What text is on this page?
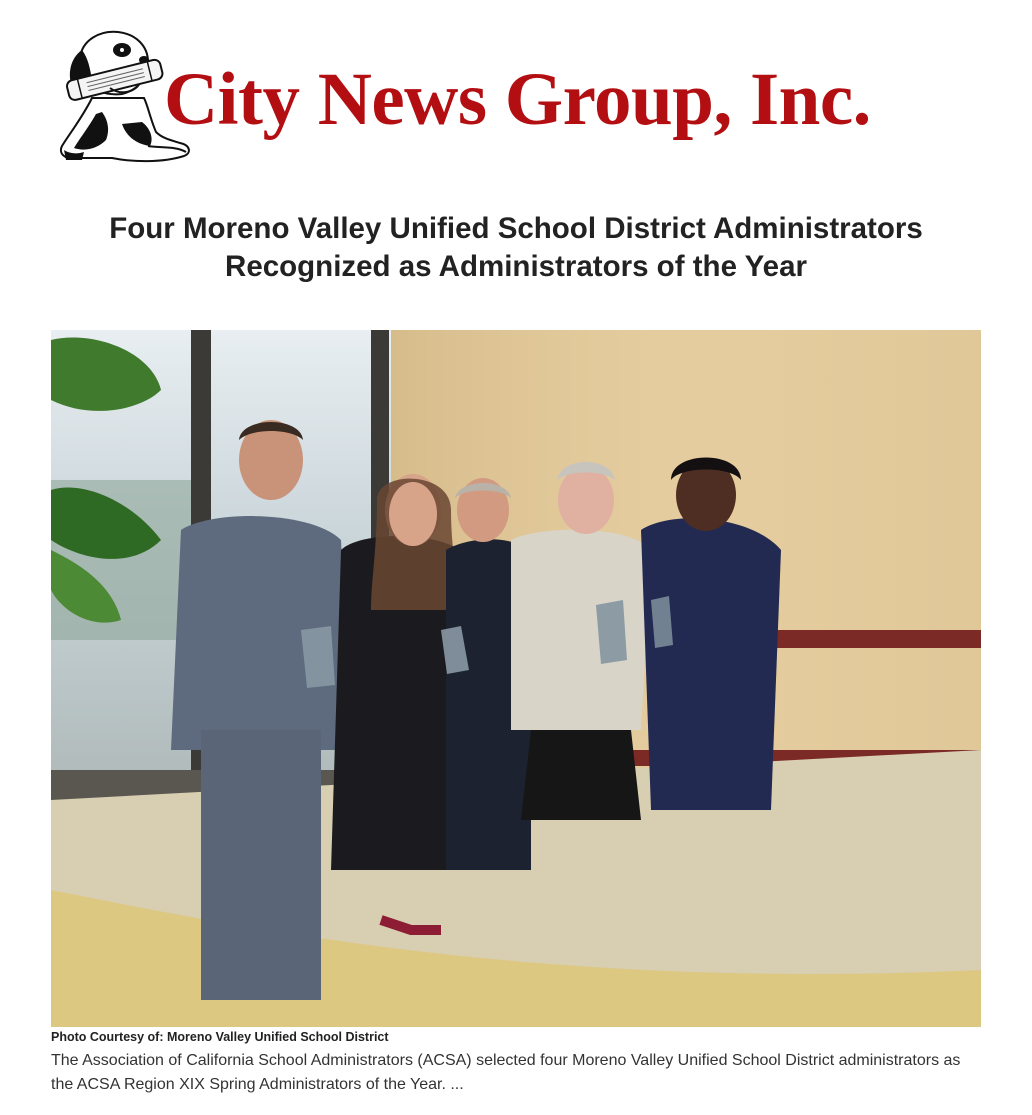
City News Group, Inc.
Four Moreno Valley Unified School District Administrators Recognized as Administrators of the Year
Photo Courtesy of: Moreno Valley Unified School District
The Association of California School Administrators (ACSA) selected four Moreno Valley Unified School District administrators as the ACSA Region XIX Spring Administrators of the Year. ...
